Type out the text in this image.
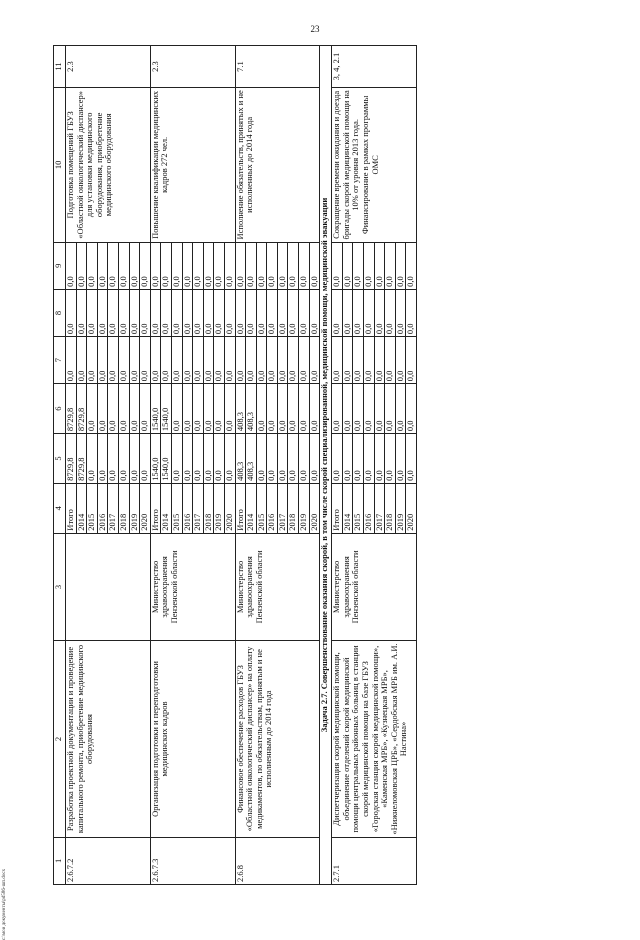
23
1	2	3	4	5	6	7	8	9	10	11
2.6.7.2	Разработка проектной документации и проведение капитального ремонта, приобретение медицинского оборудования		Итого	8729,8	8729,8	0,0	0,0	0,0	Подготовка помещений ГБУЗ «Областной онкологический диспансер» для установки медицинского оборудования, приобретение медицинского оборудования	2.3
			2014	8729,8	8729,8	0,0	0,0	0,0		
			2015	0,0	0,0	0,0	0,0	0,0		
			2016	0,0	0,0	0,0	0,0	0,0		
			2017	0,0	0,0	0,0	0,0	0,0		
			2018	0,0	0,0	0,0	0,0	0,0		
			2019	0,0	0,0	0,0	0,0	0,0		
			2020	0,0	0,0	0,0	0,0	0,0		
2.6.7.3	Организация подготовки и переподготовки медицинских кадров	Министерство здравоохранения Пензенской области	Итого	1540,0	1540,0	0,0	0,0	0,0	Повышение квалификации медицинских кадров 272 чел.	2.3
			2014	1540,0	1540,0	0,0	0,0	0,0		
			2015	0,0	0,0	0,0	0,0	0,0		
			2016	0,0	0,0	0,0	0,0	0,0		
			2017	0,0	0,0	0,0	0,0	0,0		
			2018	0,0	0,0	0,0	0,0	0,0		
			2019	0,0	0,0	0,0	0,0	0,0		
			2020	0,0	0,0	0,0	0,0	0,0		
2.6.8	Финансовое обеспечение расходов ГБУЗ «Областной онкологический диспансер» на оплату медикаментов, по обязательствам, принятым и не исполненным до 2014 года	Министерство здравоохранения Пензенской области	Итого	408,3	408,3	0,0	0,0	0,0	Исполнение обязательств, принятых и не исполненных до 2014 года	7.1
			2014	408,3	408,3	0,0	0,0	0,0		
			2015	0,0	0,0	0,0	0,0	0,0		
			2016	0,0	0,0	0,0	0,0	0,0		
			2017	0,0	0,0	0,0	0,0	0,0		
			2018	0,0	0,0	0,0	0,0	0,0		
			2019	0,0	0,0	0,0	0,0	0,0		
			2020	0,0	0,0	0,0	0,0	0,0		
Задача 2.7. Совершенствование оказания скорой, в том числе скорой специализированной, медицинской помощи, медицинской эвакуации										
2.7.1	Диспетчеризация скорой медицинской помощи, объединение отделений скорой медицинской помощи центральных районных больниц в станции скорой медицинской помощи на базе ГБУЗ «Городская станция скорой медицинской помощи», «Каменская МРБ», «Кузнецкая МРБ», «Нижнеломовская ЦРБ», «Сердобская МРБ им. А.И. Настина»	Министерство здравоохранения Пензенской области	Итого	0,0	0,0	0,0	0,0	0,0	Сокращение времени ожидания и доезда бригады скорой медицинской помощи на 10% от уровня 2013 года. Финансирование в рамках программы ОМС	3, 4, 2.1
			2014	0,0	0,0	0,0	0,0	0,0		
			2015	0,0	0,0	0,0	0,0	0,0		
			2016	0,0	0,0	0,0	0,0	0,0		
			2017	0,0	0,0	0,0	0,0	0,0		
			2018	0,0	0,0	0,0	0,0	0,0		
			2019	0,0	0,0	0,0	0,0	0,0		
			2020	0,0	0,0	0,0	0,0	0,0		
c:\мои документы\pd586-шп.docx
